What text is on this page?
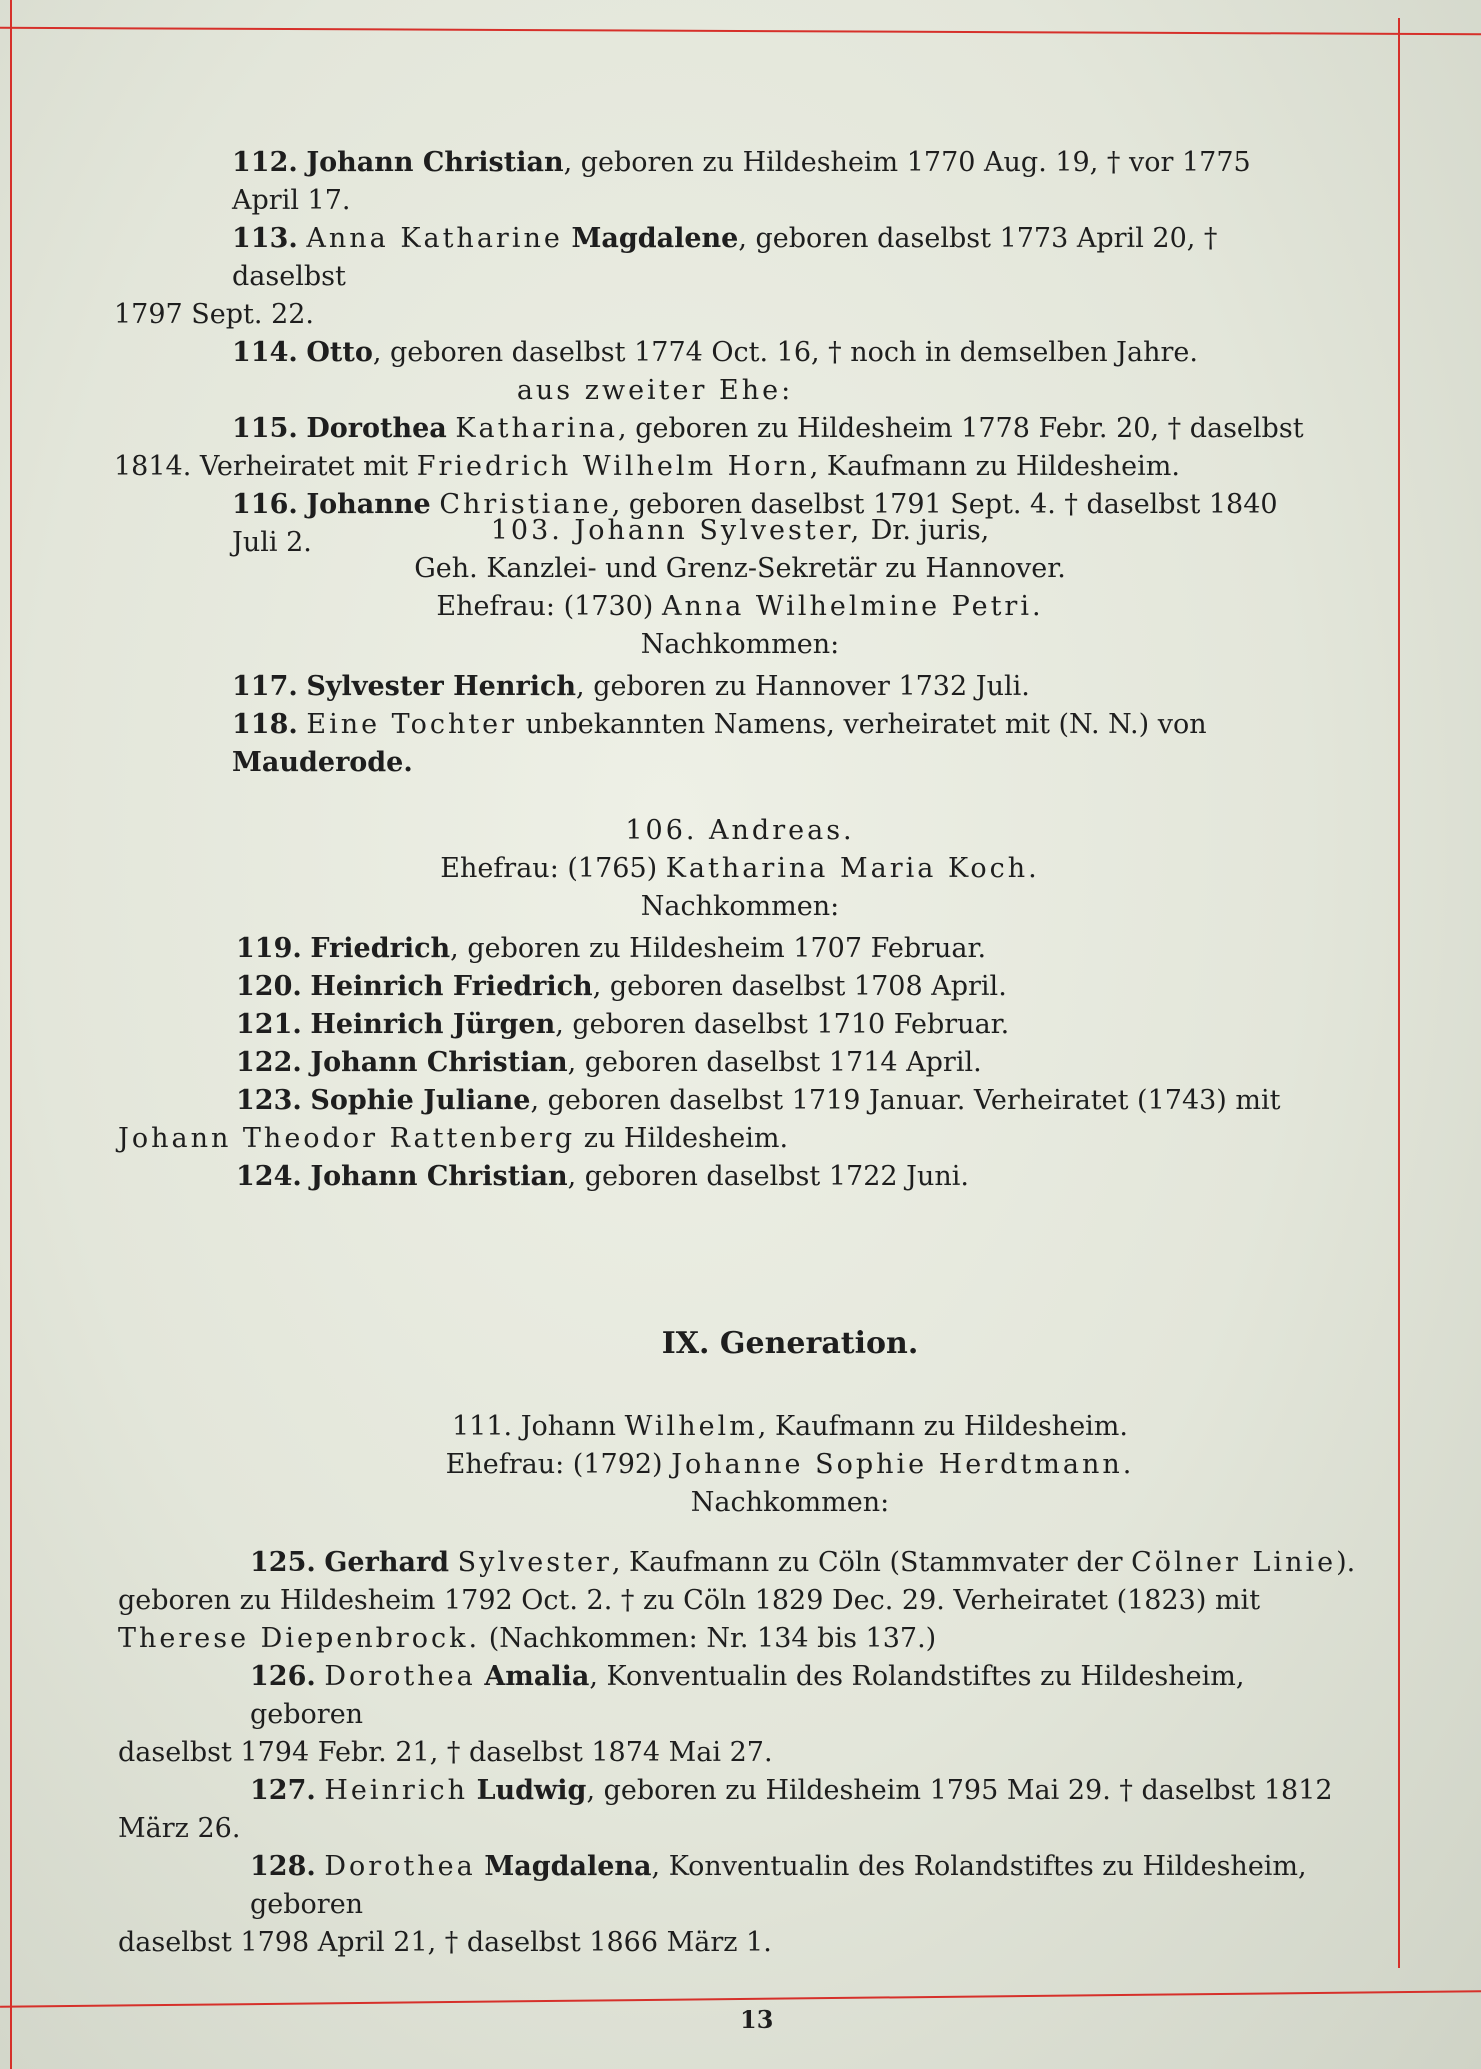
112. Johann Christian, geboren zu Hildesheim 1770 Aug. 19, † vor 1775 April 17.

113. Anna Katharine Magdalene, geboren daselbst 1773 April 20, † daselbst

1797 Sept. 22.

114. Otto, geboren daselbst 1774 Oct. 16, † noch in demselben Jahre.

aus zweiter Ehe:

115. Dorothea Katharina, geboren zu Hildesheim 1778 Febr. 20, † daselbst

1814. Verheiratet mit Friedrich Wilhelm Horn, Kaufmann zu Hildesheim.

116. Johanne Christiane, geboren daselbst 1791 Sept. 4. † daselbst 1840 Juli 2.	103. Johann Sylvester, Dr. juris,

Geh. Kanzlei- und Grenz-Sekretär zu Hannover.

Ehefrau: (1730) Anna Wilhelmine Petri.

Nachkommen:

117. Sylvester Henrich, geboren zu Hannover 1732 Juli.

118. Eine Tochter unbekannten Namens, verheiratet mit (N. N.) von Mauderode.

106. Andreas.

Ehefrau: (1765) Katharina Maria Koch.

Nachkommen:

119. Friedrich, geboren zu Hildesheim 1707 Februar.

120. Heinrich Friedrich, geboren daselbst 1708 April.

121. Heinrich Jürgen, geboren daselbst 1710 Februar.

122. Johann Christian, geboren daselbst 1714 April.

123. Sophie Juliane, geboren daselbst 1719 Januar. Verheiratet (1743) mit

Johann Theodor Rattenberg zu Hildesheim.

124. Johann Christian, geboren daselbst 1722 Juni.

IX. Generation.

111. Johann Wilhelm, Kaufmann zu Hildesheim.

Ehefrau: (1792) Johanne Sophie Herdtmann.

Nachkommen:

125. Gerhard Sylvester, Kaufmann zu Cöln (Stammvater der Cölner Linie).

geboren zu Hildesheim 1792 Oct. 2. † zu Cöln 1829 Dec. 29. Verheiratet (1823) mit

Therese Diepenbrock. (Nachkommen: Nr. 134 bis 137.)

126. Dorothea Amalia, Konventualin des Rolandstiftes zu Hildesheim, geboren

daselbst 1794 Febr. 21, † daselbst 1874 Mai 27.

127. Heinrich Ludwig, geboren zu Hildesheim 1795 Mai 29. † daselbst 1812

März 26.

128. Dorothea Magdalena, Konventualin des Rolandstiftes zu Hildesheim, geboren

daselbst 1798 April 21, † daselbst 1866 März 1.

13
